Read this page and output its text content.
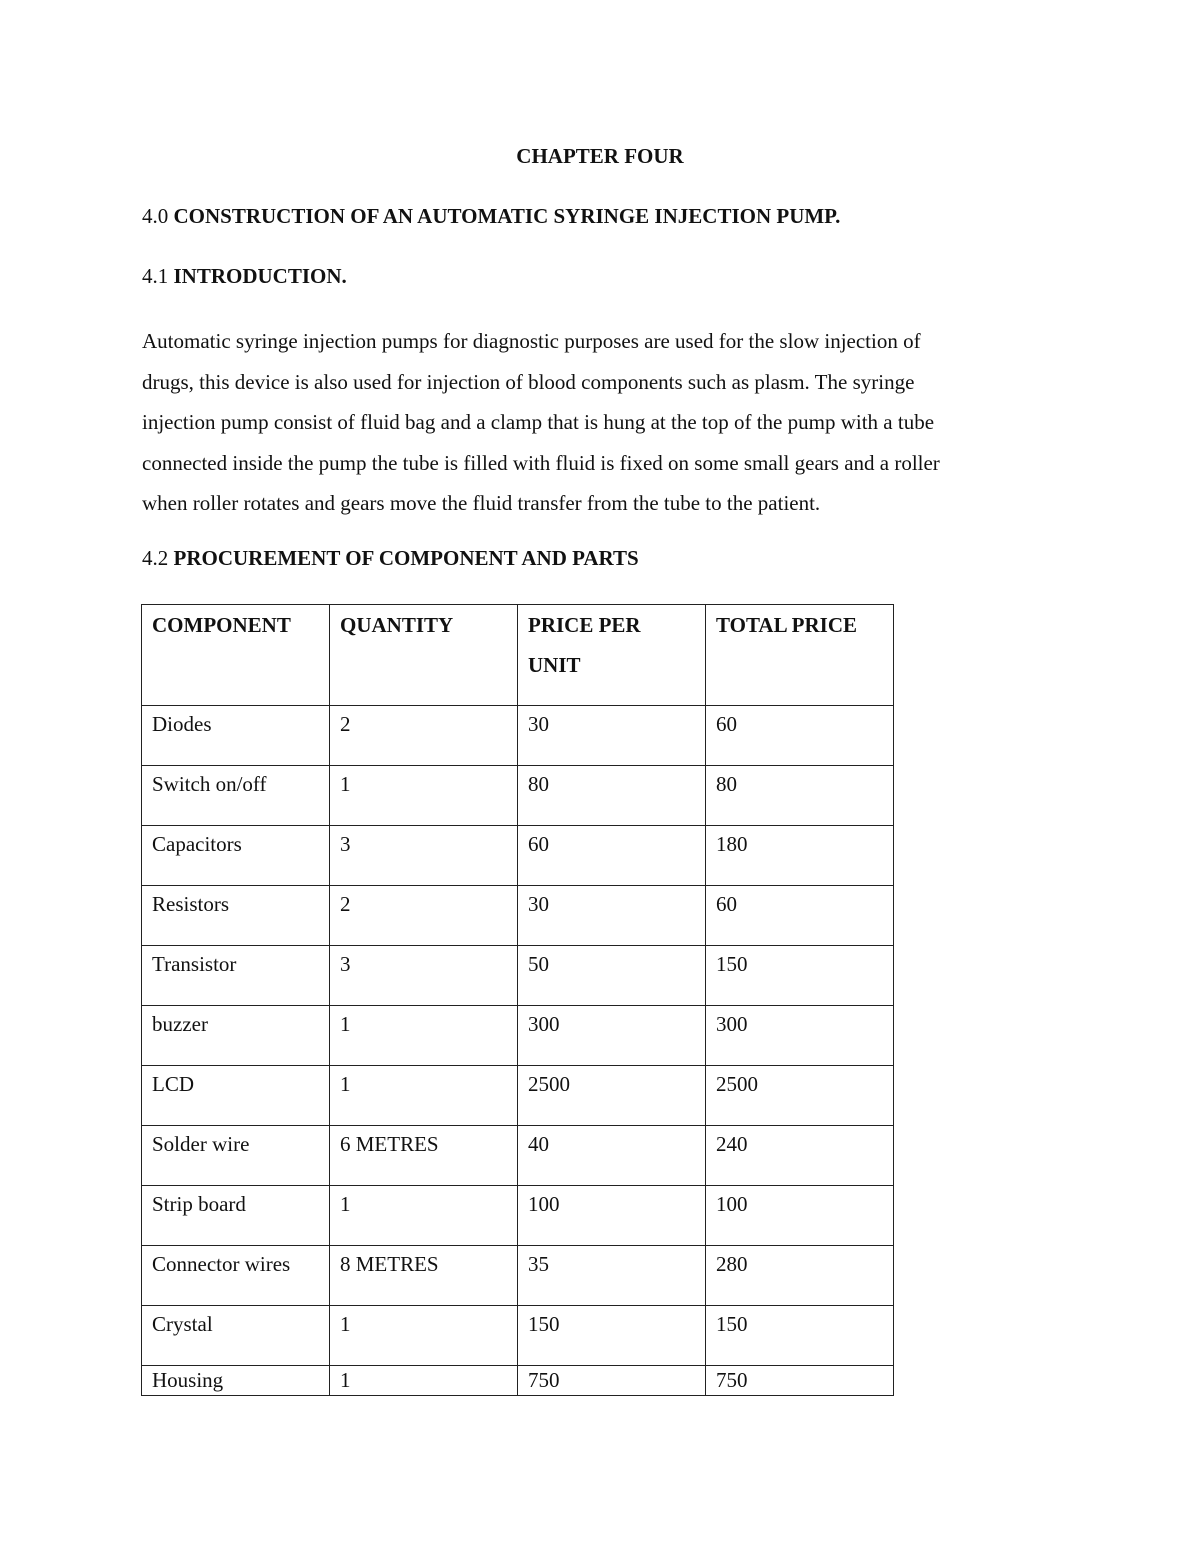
CHAPTER FOUR
4.0 CONSTRUCTION OF AN AUTOMATIC SYRINGE INJECTION PUMP.
4.1 INTRODUCTION.
Automatic syringe injection pumps for diagnostic purposes are used for the slow injection of
drugs, this device is also used for injection of blood components such as plasm. The syringe
injection pump consist of fluid bag and a clamp that is hung at the top of the pump with a tube
connected inside the pump the tube is filled with fluid is fixed on some small gears and a roller
when roller rotates and gears move the fluid transfer from the tube to the patient.
4.2 PROCUREMENT OF COMPONENT AND PARTS
COMPONENT	QUANTITY	PRICE PER UNIT	TOTAL PRICE
Diodes	2	30	60
Switch on/off	1	80	80
Capacitors	3	60	180
Resistors	2	30	60
Transistor	3	50	150
buzzer	1	300	300
LCD	1	2500	2500
Solder wire	6 METRES	40	240
Strip board	1	100	100
Connector wires	8 METRES	35	280
Crystal	1	150	150
Housing	1	750	750
